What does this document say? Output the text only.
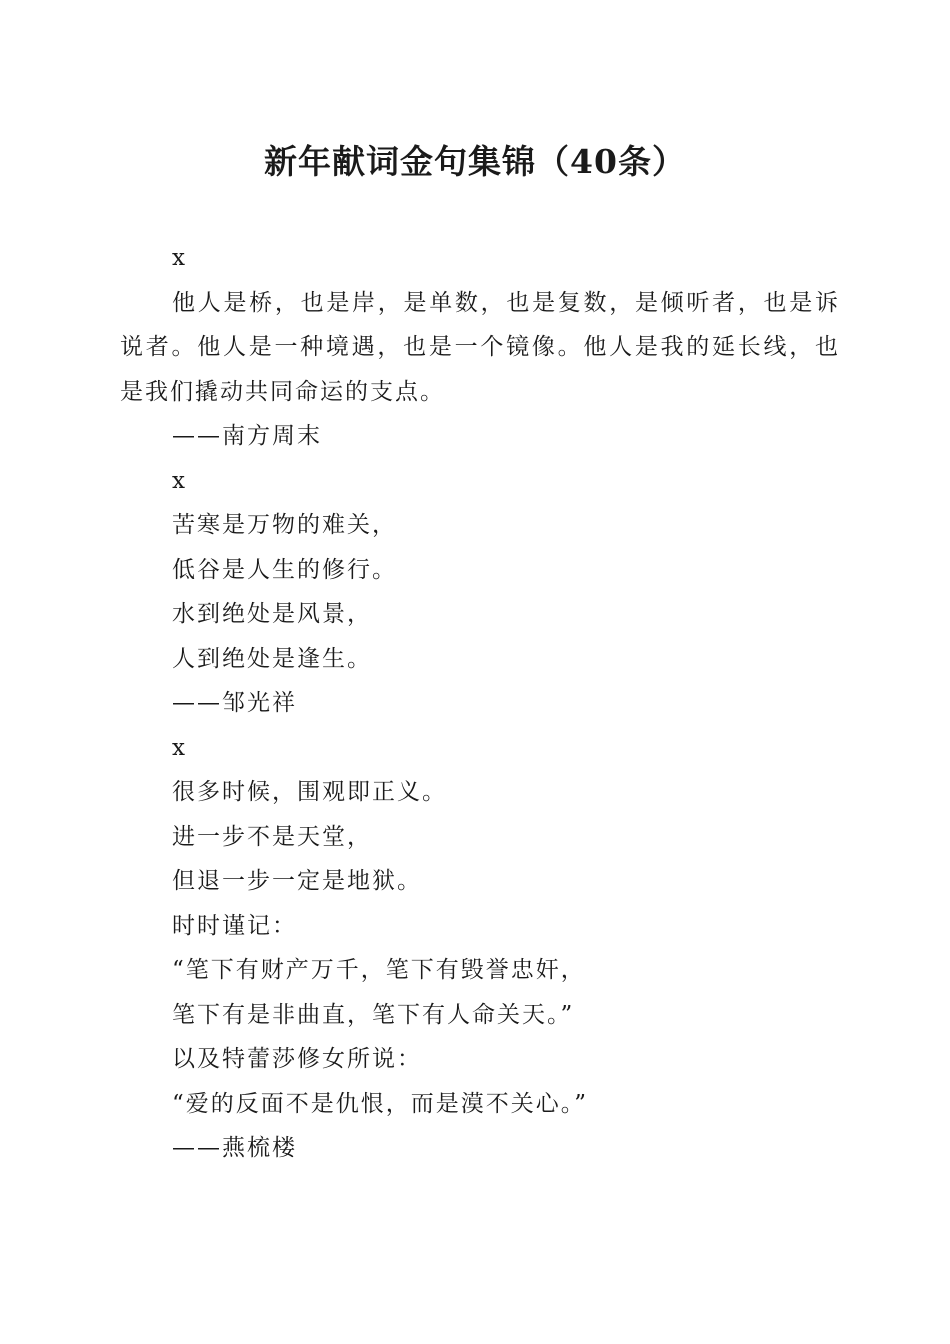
新年献词金句集锦（40条）

x

他人是桥，也是岸，是单数，也是复数，是倾听者，也是诉说者。他人是一种境遇，也是一个镜像。他人是我的延长线，也是我们撬动共同命运的支点。

——南方周末

x

苦寒是万物的难关，

低谷是人生的修行。

水到绝处是风景，

人到绝处是逢生。

——邹光祥

x

很多时候，围观即正义。

进一步不是天堂，

但退一步一定是地狱。

时时谨记：

“笔下有财产万千，笔下有毁誉忠奸，

笔下有是非曲直，笔下有人命关天。”

以及特蕾莎修女所说：

“爱的反面不是仇恨，而是漠不关心。”

——燕梳楼
